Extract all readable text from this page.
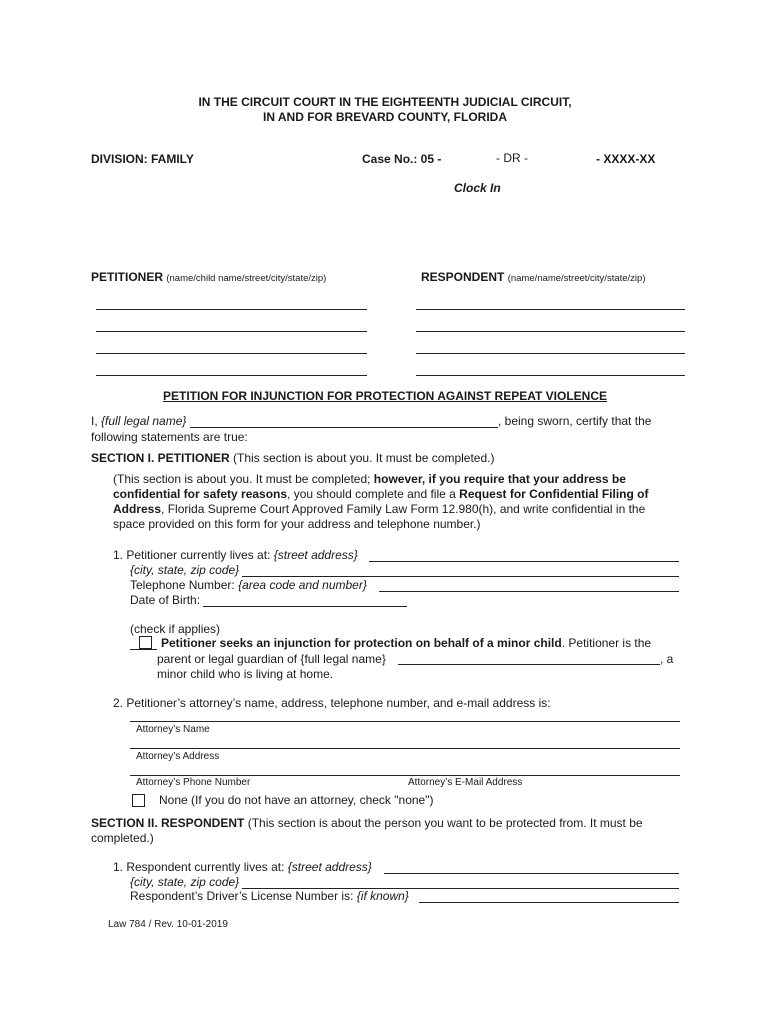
IN THE CIRCUIT COURT IN THE EIGHTEENTH JUDICIAL CIRCUIT,
IN AND FOR BREVARD COUNTY, FLORIDA
DIVISION: FAMILY	Case No.: 05 -	- DR -	- XXXX-XX
Clock In
PETITIONER (name/child name/street/city/state/zip)	RESPONDENT (name/name/street/city/state/zip)
PETITION FOR INJUNCTION FOR PROTECTION AGAINST REPEAT VIOLENCE
I, {full legal name}	, being sworn, certify that the
following statements are true:
SECTION I. PETITIONER (This section is about you. It must be completed.)
(This section is about you. It must be completed; however, if you require that your address be confidential for safety reasons, you should complete and file a Request for Confidential Filing of Address, Florida Supreme Court Approved Family Law Form 12.980(h), and write confidential in the space provided on this form for your address and telephone number.)
1. Petitioner currently lives at: {street address}
{city, state, zip code}
Telephone Number: {area code and number}
Date of Birth:
(check if applies)
Petitioner seeks an injunction for protection on behalf of a minor child. Petitioner is the
parent or legal guardian of {full legal name}	, a
minor child who is living at home.
2. Petitioner’s attorney’s name, address, telephone number, and e-mail address is:
Attorney’s Name
Attorney’s Address
Attorney’s Phone Number	Attorney’s E-Mail Address
None (If you do not have an attorney, check "none")
SECTION II. RESPONDENT (This section is about the person you want to be protected from. It must be
completed.)
1. Respondent currently lives at: {street address}
{city, state, zip code}
Respondent’s Driver’s License Number is: {if known}
Law 784 / Rev. 10-01-2019
